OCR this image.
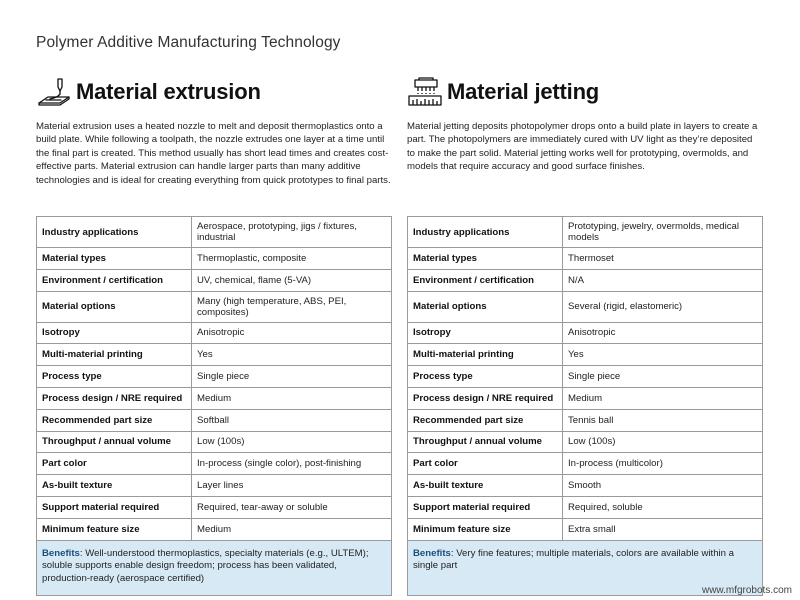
Polymer Additive Manufacturing Technology
Material extrusion

Material extrusion uses a heated nozzle to melt and deposit thermoplastics onto a build plate. While following a toolpath, the nozzle extrudes one layer at a time until the final part is created. This method usually has short lead times and creates cost-effective parts. Material extrusion can handle larger parts than many additive technologies and is ideal for creating everything from quick prototypes to final parts.

Industry applications	Aerospace, prototyping, jigs / fixtures, industrial
Material types	Thermoplastic, composite
Environment / certification	UV, chemical, flame (5-VA)
Material options	Many (high temperature, ABS, PEI, composites)
Isotropy	Anisotropic
Multi-material printing	Yes
Process type	Single piece
Process design / NRE required	Medium
Recommended part size	Softball
Throughput / annual volume	Low (100s)
Part color	In-process (single color), post-finishing
As-built texture	Layer lines
Support material required	Required, tear-away or soluble
Minimum feature size	Medium
Benefits: Well-understood thermoplastics, specialty materials (e.g., ULTEM); soluble supports enable design freedom; process has been validated, production-ready (aerospace certified)
Material jetting

Material jetting deposits photopolymer drops onto a build plate in layers to create a part. The photopolymers are immediately cured with UV light as they’re deposited to make the part solid. Material jetting works well for prototyping, overmolds, and models that require accuracy and good surface finishes.

Industry applications	Prototyping, jewelry, overmolds, medical models
Material types	Thermoset
Environment / certification	N/A
Material options	Several (rigid, elastomeric)
Isotropy	Anisotropic
Multi-material printing	Yes
Process type	Single piece
Process design / NRE required	Medium
Recommended part size	Tennis ball
Throughput / annual volume	Low (100s)
Part color	In-process (multicolor)
As-built texture	Smooth
Support material required	Required, soluble
Minimum feature size	Extra small
Benefits: Very fine features; multiple materials, colors are available within a single part
www.mfgrobots.com
